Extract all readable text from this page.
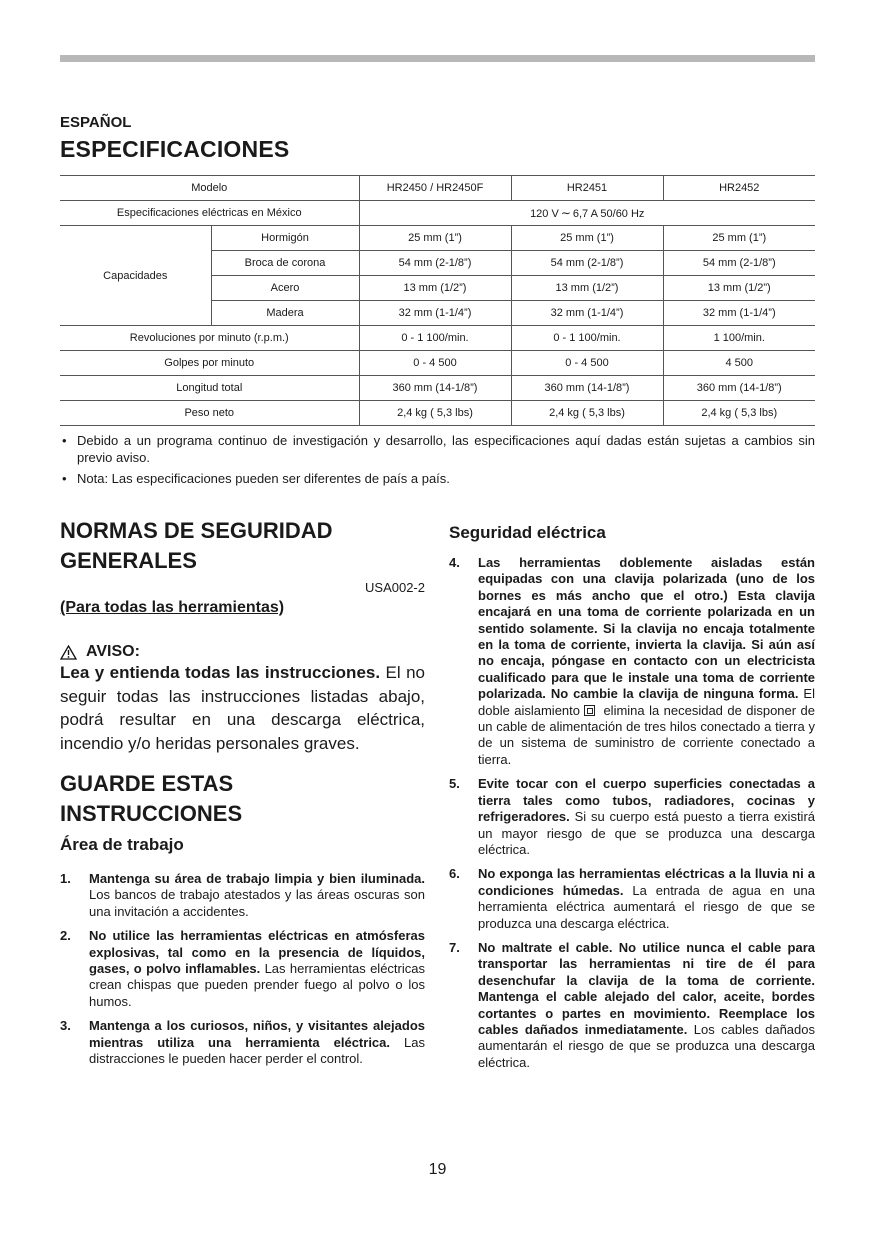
ESPAÑOL
ESPECIFICACIONES
Modelo		HR2450 / HR2450F	HR2451	HR2452
Especificaciones eléctricas en México		120 V ∼ 6,7 A 50/60 Hz		
Capacidades	Hormigón	25 mm (1”)	25 mm (1”)	25 mm (1”)
	Broca de corona	54 mm (2-1/8”)	54 mm (2-1/8”)	54 mm (2-1/8”)
	Acero	13 mm (1/2”)	13 mm (1/2”)	13 mm (1/2”)
	Madera	32 mm (1-1/4”)	32 mm (1-1/4”)	32 mm (1-1/4”)
Revoluciones por minuto (r.p.m.)		0 - 1 100/min.	0 - 1 100/min.	1 100/min.
Golpes por minuto		0 - 4 500	0 - 4 500	4 500
Longitud total		360 mm (14-1/8”)	360 mm (14-1/8”)	360 mm (14-1/8”)
Peso neto		2,4 kg ( 5,3 lbs)	2,4 kg ( 5,3 lbs)	2,4 kg ( 5,3 lbs)
• Debido a un programa continuo de investigación y desarrollo, las especificaciones aquí dadas están sujetas a cambios sin previo aviso.
• Nota: Las especificaciones pueden ser diferentes de país a país.
NORMAS DE SEGURIDAD
GENERALES
USA002-2
(Para todas las herramientas)
AVISO:
Lea y entienda todas las instrucciones. El no seguir todas las instrucciones listadas abajo, podrá resultar en una descarga eléctrica, incendio y/o heridas personales graves.
GUARDE ESTAS
INSTRUCCIONES
Área de trabajo
1. Mantenga su área de trabajo limpia y bien iluminada. Los bancos de trabajo atestados y las áreas oscuras son una invitación a accidentes.
2. No utilice las herramientas eléctricas en atmósferas explosivas, tal como en la presencia de líquidos, gases, o polvo inflamables. Las herramientas eléctricas crean chispas que pueden prender fuego al polvo o los humos.
3. Mantenga a los curiosos, niños, y visitantes alejados mientras utiliza una herramienta eléctrica. Las distracciones le pueden hacer perder el control.
Seguridad eléctrica
4. Las herramientas doblemente aisladas están equipadas con una clavija polarizada (uno de los bornes es más ancho que el otro.) Esta clavija encajará en una toma de corriente polarizada en un sentido solamente. Si la clavija no encaja totalmente en la toma de corriente, invierta la clavija. Si aún así no encaja, póngase en contacto con un electricista cualificado para que le instale una toma de corriente polarizada. No cambie la clavija de ninguna forma. El doble aislamiento elimina la necesidad de disponer de un cable de alimentación de tres hilos conectado a tierra y de un sistema de suministro de corriente conectado a tierra.
5. Evite tocar con el cuerpo superficies conectadas a tierra tales como tubos, radiadores, cocinas y refrigeradores. Si su cuerpo está puesto a tierra existirá un mayor riesgo de que se produzca una descarga eléctrica.
6. No exponga las herramientas eléctricas a la lluvia ni a condiciones húmedas. La entrada de agua en una herramienta eléctrica aumentará el riesgo de que se produzca una descarga eléctrica.
7. No maltrate el cable. No utilice nunca el cable para transportar las herramientas ni tire de él para desenchufar la clavija de la toma de corriente. Mantenga el cable alejado del calor, aceite, bordes cortantes o partes en movimiento. Reemplace los cables dañados inmediatamente. Los cables dañados aumentarán el riesgo de que se produzca una descarga eléctrica.
19
